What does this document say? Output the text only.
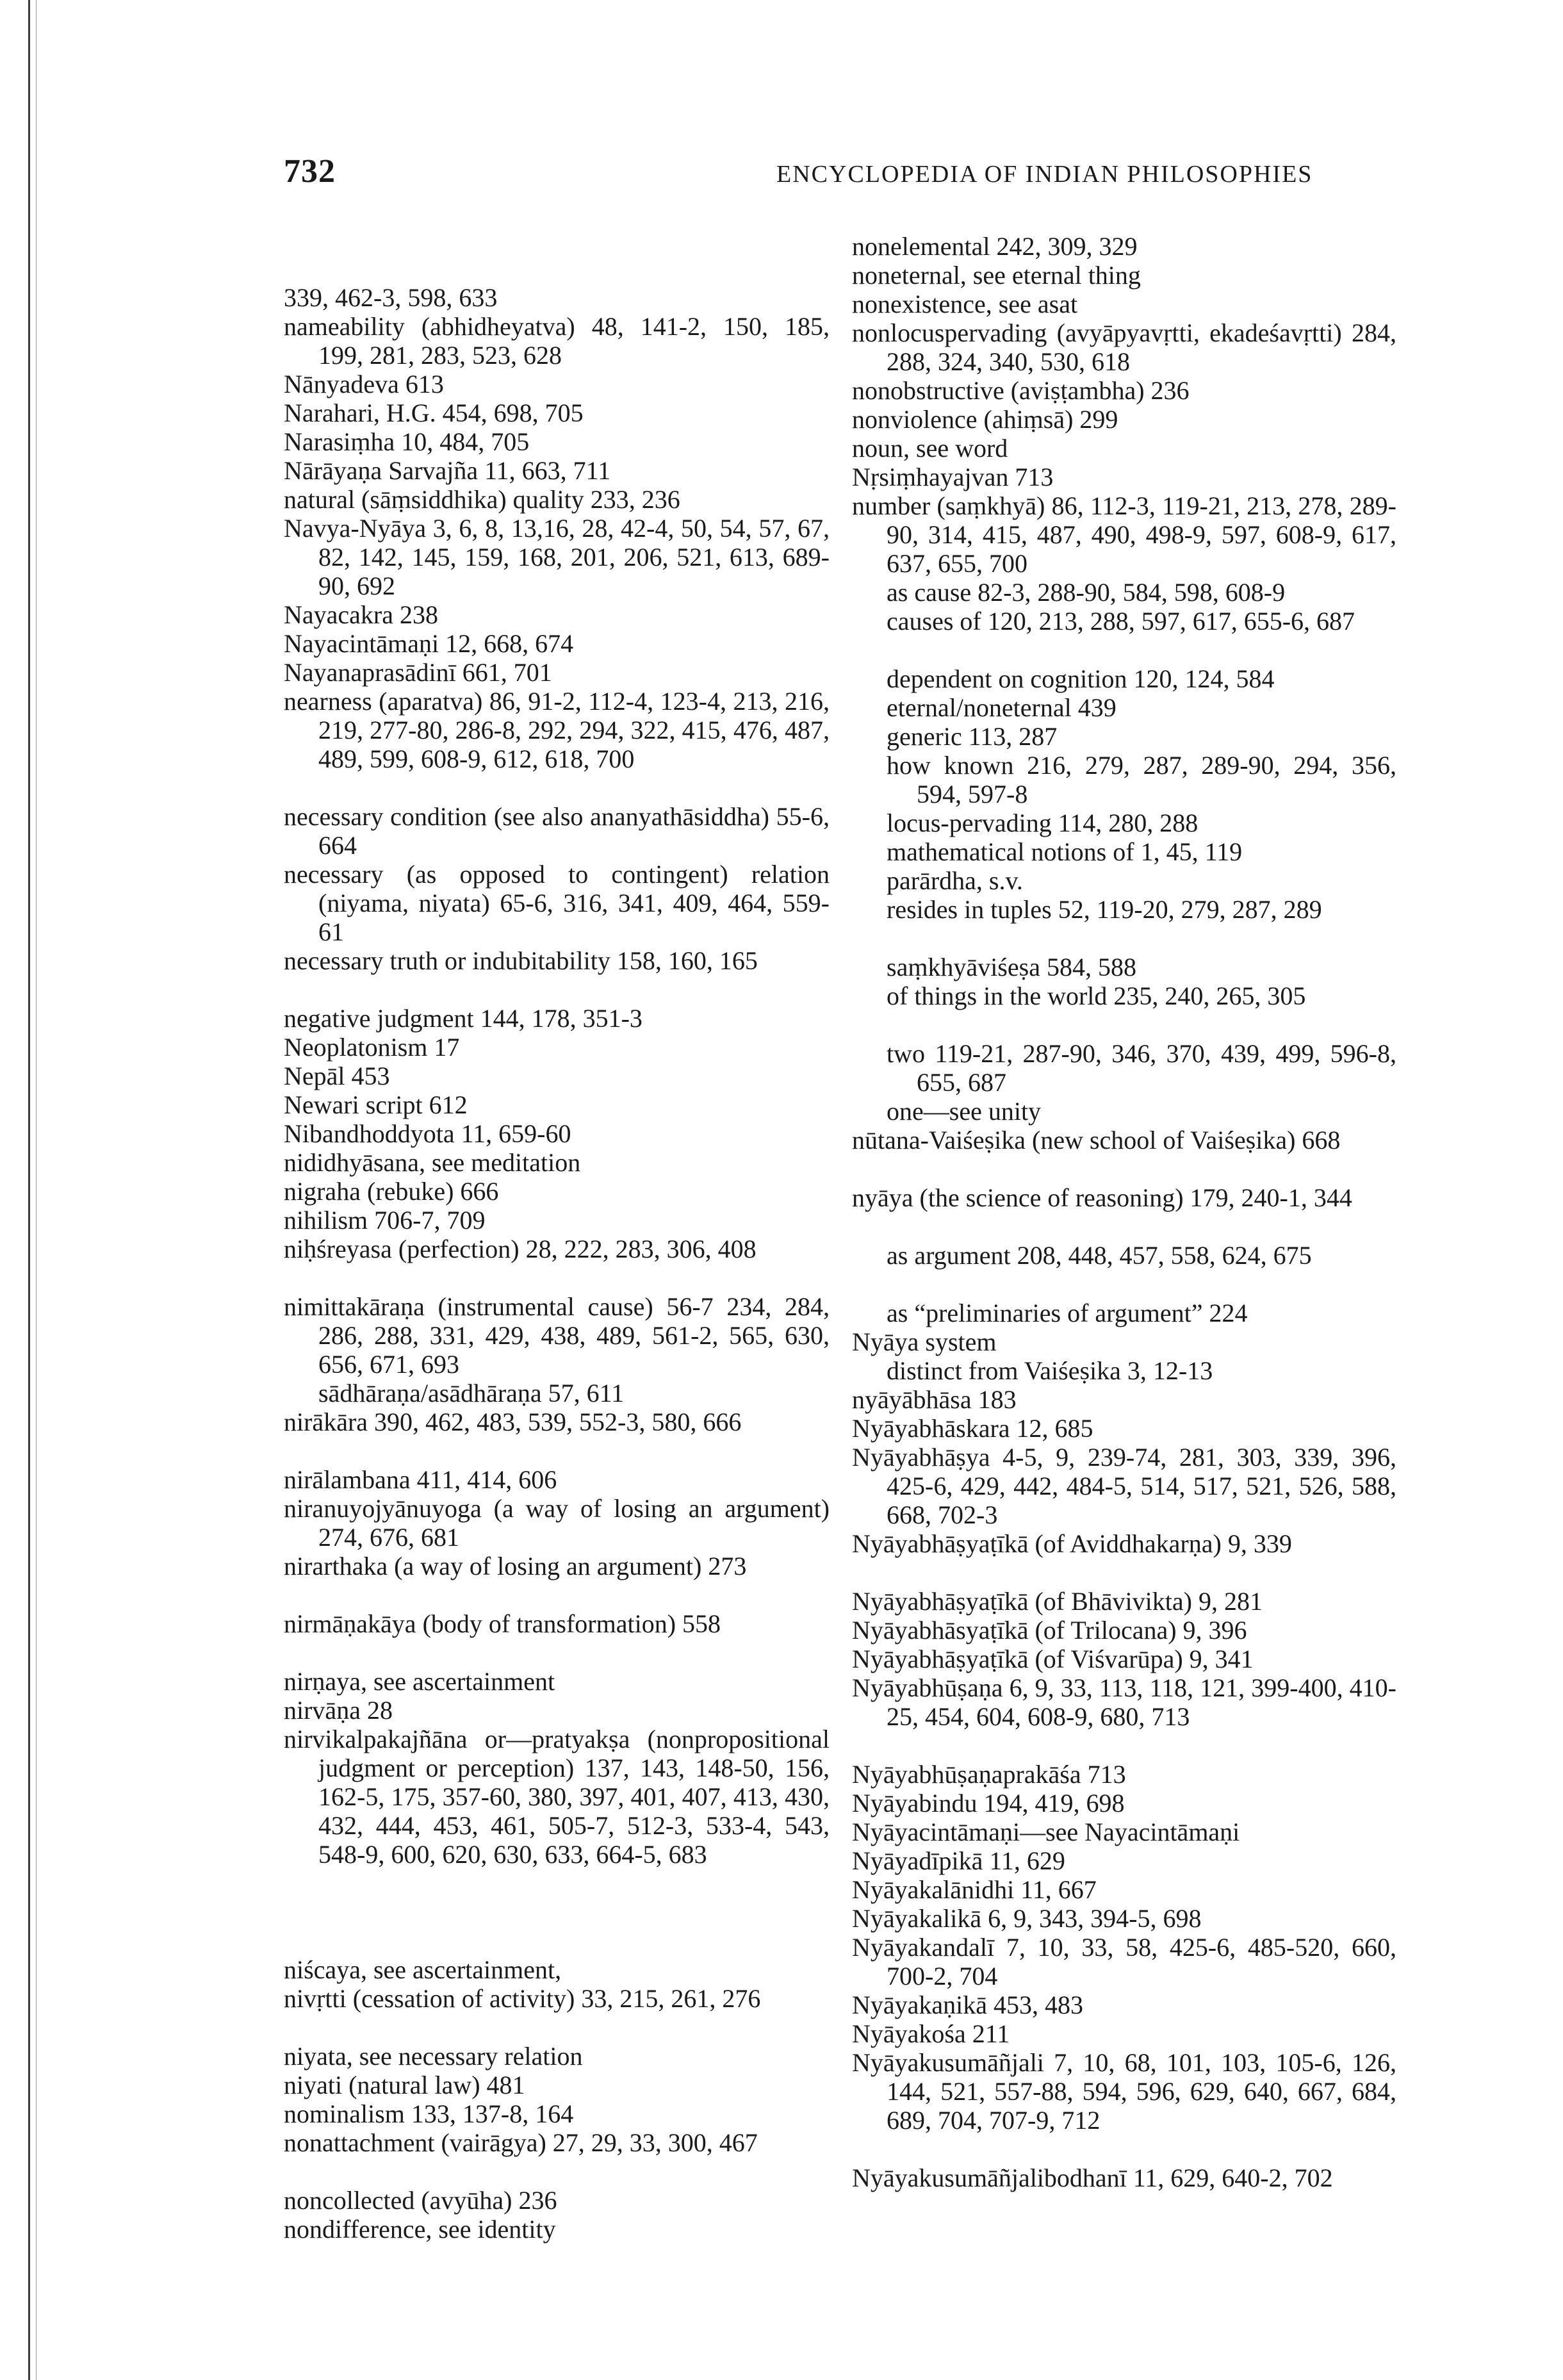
732	ENCYCLOPEDIA OF INDIAN PHILOSOPHIES
339, 462-3, 598, 633
nameability (abhidheyatva) 48, 141-2, 150, 185, 199, 281, 283, 523, 628
Nānyadeva 613
Narahari, H.G. 454, 698, 705
Narasiṃha 10, 484, 705
Nārāyaṇa Sarvajña 11, 663, 711
natural (sāṃsiddhika) quality 233, 236
Navya-Nyāya 3, 6, 8, 13,16, 28, 42-4, 50, 54, 57, 67, 82, 142, 145, 159, 168, 201, 206, 521, 613, 689-90, 692
Nayacakra 238
Nayacintāmaṇi 12, 668, 674
Nayanaprasādinī 661, 701
nearness (aparatva) 86, 91-2, 112-4, 123-4, 213, 216, 219, 277-80, 286-8, 292, 294, 322, 415, 476, 487, 489, 599, 608-9, 612, 618, 700
necessary condition (see also ananyathāsiddha) 55-6, 664
necessary (as opposed to contingent) relation (niyama, niyata) 65-6, 316, 341, 409, 464, 559-61
necessary truth or indubitability 158, 160, 165
negative judgment 144, 178, 351-3
Neoplatonism 17
Nepāl 453
Newari script 612
Nibandhoddyota 11, 659-60
nididhyāsana, see meditation
nigraha (rebuke) 666
nihilism 706-7, 709
niḥśreyasa (perfection) 28, 222, 283, 306, 408
nimittakāraṇa (instrumental cause) 56-7 234, 284, 286, 288, 331, 429, 438, 489, 561-2, 565, 630, 656, 671, 693
sādhāraṇa/asādhāraṇa 57, 611
nirākāra 390, 462, 483, 539, 552-3, 580, 666
nirālambana 411, 414, 606
niranuyojyānuyoga (a way of losing an argument) 274, 676, 681
nirarthaka (a way of losing an argument) 273
nirmāṇakāya (body of transformation) 558
nirṇaya, see ascertainment
nirvāṇa 28
nirvikalpakajñāna or—pratyakṣa (nonpropositional judgment or perception) 137, 143, 148-50, 156, 162-5, 175, 357-60, 380, 397, 401, 407, 413, 430, 432, 444, 453, 461, 505-7, 512-3, 533-4, 543, 548-9, 600, 620, 630, 633, 664-5, 683
niścaya, see ascertainment,
nivṛtti (cessation of activity) 33, 215, 261, 276
niyata, see necessary relation
niyati (natural law) 481
nominalism 133, 137-8, 164
nonattachment (vairāgya) 27, 29, 33, 300, 467
noncollected (avyūha) 236
nondifference, see identity
nonelemental 242, 309, 329
noneternal, see eternal thing
nonexistence, see asat
nonlocuspervading (avyāpyavṛtti, ekadeśavṛtti) 284, 288, 324, 340, 530, 618
nonobstructive (aviṣṭambha) 236
nonviolence (ahiṃsā) 299
noun, see word
Nṛsiṃhayajvan 713
number (saṃkhyā) 86, 112-3, 119-21, 213, 278, 289-90, 314, 415, 487, 490, 498-9, 597, 608-9, 617, 637, 655, 700
as cause 82-3, 288-90, 584, 598, 608-9
causes of 120, 213, 288, 597, 617, 655-6, 687
dependent on cognition 120, 124, 584
eternal/noneternal 439
generic 113, 287
how known 216, 279, 287, 289-90, 294, 356, 594, 597-8
locus-pervading 114, 280, 288
mathematical notions of 1, 45, 119
parārdha, s.v.
resides in tuples 52, 119-20, 279, 287, 289
saṃkhyāviśeṣa 584, 588
of things in the world 235, 240, 265, 305
two 119-21, 287-90, 346, 370, 439, 499, 596-8, 655, 687
one—see unity
nūtana-Vaiśeṣika (new school of Vaiśeṣika) 668
nyāya (the science of reasoning) 179, 240-1, 344
as argument 208, 448, 457, 558, 624, 675
as “preliminaries of argument” 224
Nyāya system
distinct from Vaiśeṣika 3, 12-13
nyāyābhāsa 183
Nyāyabhāskara 12, 685
Nyāyabhāṣya 4-5, 9, 239-74, 281, 303, 339, 396, 425-6, 429, 442, 484-5, 514, 517, 521, 526, 588, 668, 702-3
Nyāyabhāṣyaṭīkā (of Aviddhakarṇa) 9, 339
Nyāyabhāṣyaṭīkā (of Bhāvivikta) 9, 281
Nyāyabhāsyaṭīkā (of Trilocana) 9, 396
Nyāyabhāṣyaṭīkā (of Viśvarūpa) 9, 341
Nyāyabhūṣaṇa 6, 9, 33, 113, 118, 121, 399-400, 410-25, 454, 604, 608-9, 680, 713
Nyāyabhūṣaṇaprakāśa 713
Nyāyabindu 194, 419, 698
Nyāyacintāmaṇi—see Nayacintāmaṇi
Nyāyadīpikā 11, 629
Nyāyakalānidhi 11, 667
Nyāyakalikā 6, 9, 343, 394-5, 698
Nyāyakandalī 7, 10, 33, 58, 425-6, 485-520, 660, 700-2, 704
Nyāyakaṇikā 453, 483
Nyāyakośa 211
Nyāyakusumāñjali 7, 10, 68, 101, 103, 105-6, 126, 144, 521, 557-88, 594, 596, 629, 640, 667, 684, 689, 704, 707-9, 712
Nyāyakusumāñjalibodhanī 11, 629, 640-2, 702
